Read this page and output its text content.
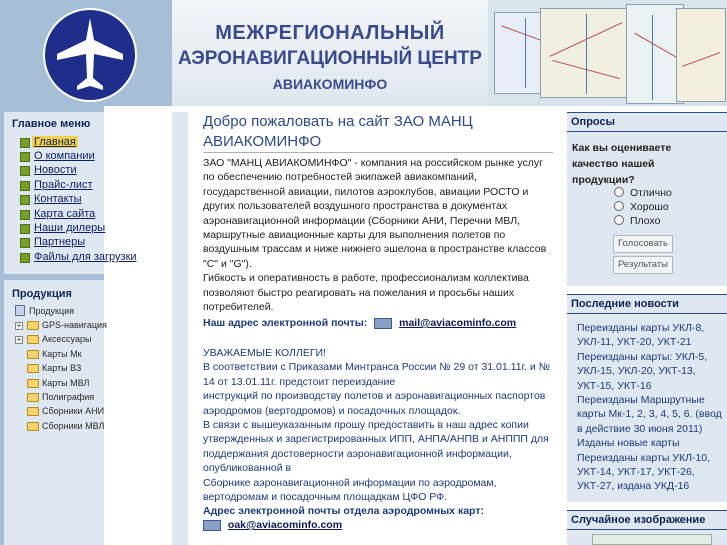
МЕЖРЕГИОНАЛЬНЫЙ
АЭРОНАВИГАЦИОННЫЙ ЦЕНТР
АВИАКОМИНФО
Главное меню
Главная
О компании
Новости
Прайс-лист
Контакты
Карта сайта
Наши дилеры
Партнеры
Файлы для загрузки
Продукция
Продукция
+ GPS-навигация
+ Аксессуары
Карты Мк
Карты ВЗ
Карты МВЛ
Полиграфия
Сборники АНИ
Сборники МВЛ
Добро пожаловать на сайт ЗАО МАНЦ АВИАКОМИНФО
ЗАО "МАНЦ АВИАКОМИНФО" - компания на российском рынке услуг по обеспечению потребностей экипажей авиакомпаний, государственной авиации, пилотов аэроклубов, авиации РОСТО и других пользователей воздушного пространства в документах аэронавигационной информации (Сборники АНИ, Перечни МВЛ, маршрутные авиационные карты для выполнения полетов по воздушным трассам и ниже нижнего эшелона в пространстве классов "С" и "G").
Гибкость и оперативность в работе, профессионализм коллектива позволяют быстро реагировать на пожелания и просьбы наших потребителей.
Наш адрес электронной почты:	mail@aviacominfo.com
УВАЖАЕМЫЕ КОЛЛЕГИ!
В соответствии с Приказами Минтранса России № 29 от 31.01.11г. и № 14 от 13.01.11г. предстоит переиздание
инструкций по производству полетов и аэронавигационных паспортов аэродромов (вертодромов) и посадочных площадок.
В связи с вышеуказанным прошу предоставить в наш адрес копии утвержденных и зарегистрированных ИПП, АНПА/АНПВ и АНППП для поддержания достоверности аэронавигационной информации, опубликованной в
Сборнике аэронавигационной информации по аэродромам, вертодромам и посадочным площадкам ЦФО РФ.
Адрес электронной почты отдела аэродромных карт:
oak@aviacominfo.com
Опросы
Как вы оцениваете качество нашей продукции?
Отлично
Хорошо
Плохо
Голосовать
Результаты
Последние новости
Переизданы карты УКЛ-8, УКЛ-11, УКТ-20, УКТ-21
Переизданы карты: УКЛ-5, УКЛ-15, УКЛ-20, УКТ-13, УКТ-15, УКТ-16
Переизданы Маршрутные карты Мк-1, 2, 3, 4, 5, 6. (ввод в действие 30 июня 2011)
Изданы новые карты
Переизданы карты УКЛ-10, УКТ-14, УКТ-17, УКТ-26, УКТ-27, издана УКД-16
Случайное изображение
